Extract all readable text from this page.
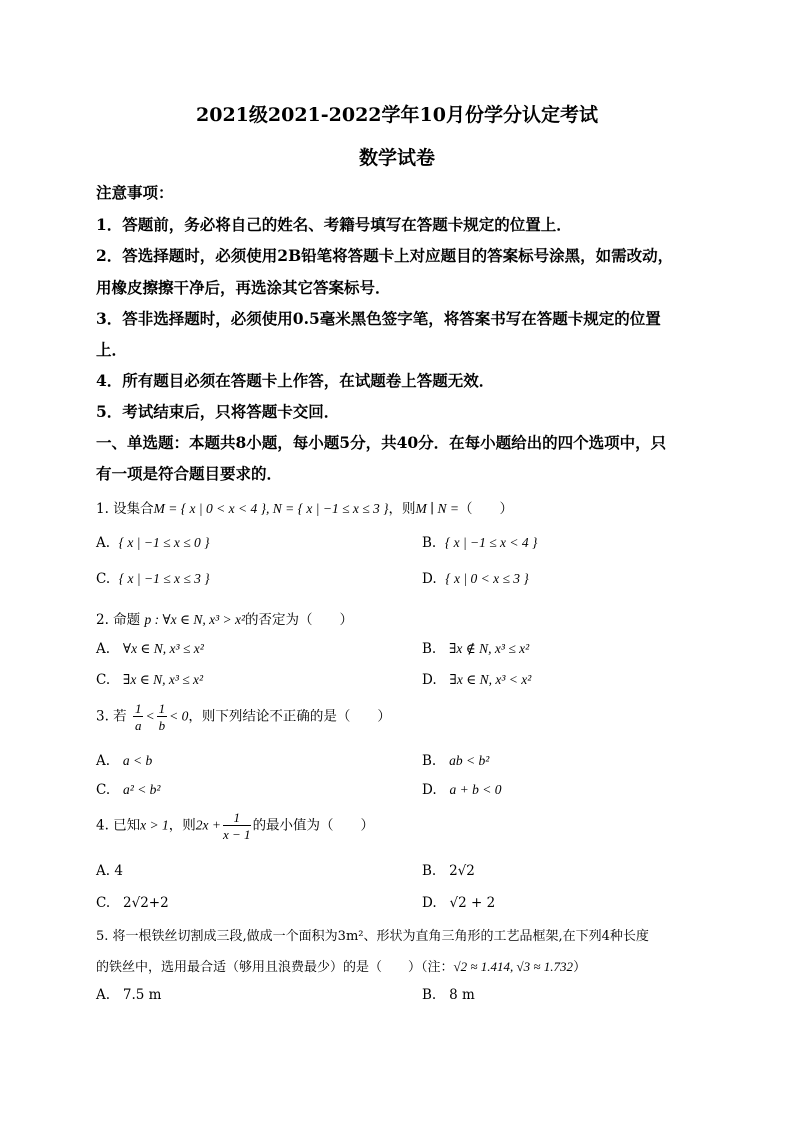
2021级2021-2022学年10月份学分认定考试
数学试卷
注意事项：
1．答题前，务必将自己的姓名、考籍号填写在答题卡规定的位置上．
2．答选择题时，必须使用2B铅笔将答题卡上对应题目的答案标号涂黑，如需改动，
用橡皮擦擦干净后，再选涂其它答案标号．
3．答非选择题时，必须使用0.5毫米黑色签字笔，将答案书写在答题卡规定的位置
上．
4．所有题目必须在答题卡上作答，在试题卷上答题无效．
5．考试结束后，只将答题卡交回．
一、单选题：本题共8小题，每小题5分，共40分．在每小题给出的四个选项中，只
有一项是符合题目要求的．
1. 设集合M = { x | 0 < x < 4 }, N = { x | −1 ≤ x ≤ 3 }，则M ∣ N =（　　）
A. { x | −1 ≤ x ≤ 0 }	B. { x | −1 ≤ x < 4 }
C. { x | −1 ≤ x ≤ 3 }	D. { x | 0 < x ≤ 3 }
2. 命题 p : ∀x ∈ N, x³ > x²的否定为（　　）
A. ∀x ∈ N, x³ ≤ x²	B. ∃x ∉ N, x³ ≤ x²
C. ∃x ∈ N, x³ ≤ x²	D. ∃x ∈ N, x³ < x²
3. 若 $\frac{1}{a} < \frac{1}{b} < 0$，则下列结论不正确的是（　　）
A. a < b	B. ab < b²
C. a² < b²	D. a + b < 0
4. 已知x > 1，则$2x + \frac{1}{x - 1}$ 的最小值为（　　）
A. 4	B. 2√2
C. 2√2+2	D. √2 + 2
5. 将一根铁丝切割成三段,做成一个面积为3m²、形状为直角三角形的工艺品框架,在下列4种长度
的铁丝中，选用最合适（够用且浪费最少）的是（　　）（注：√2 ≈ 1.414, √3 ≈ 1.732）
A. 7.5 m	B. 8 m
